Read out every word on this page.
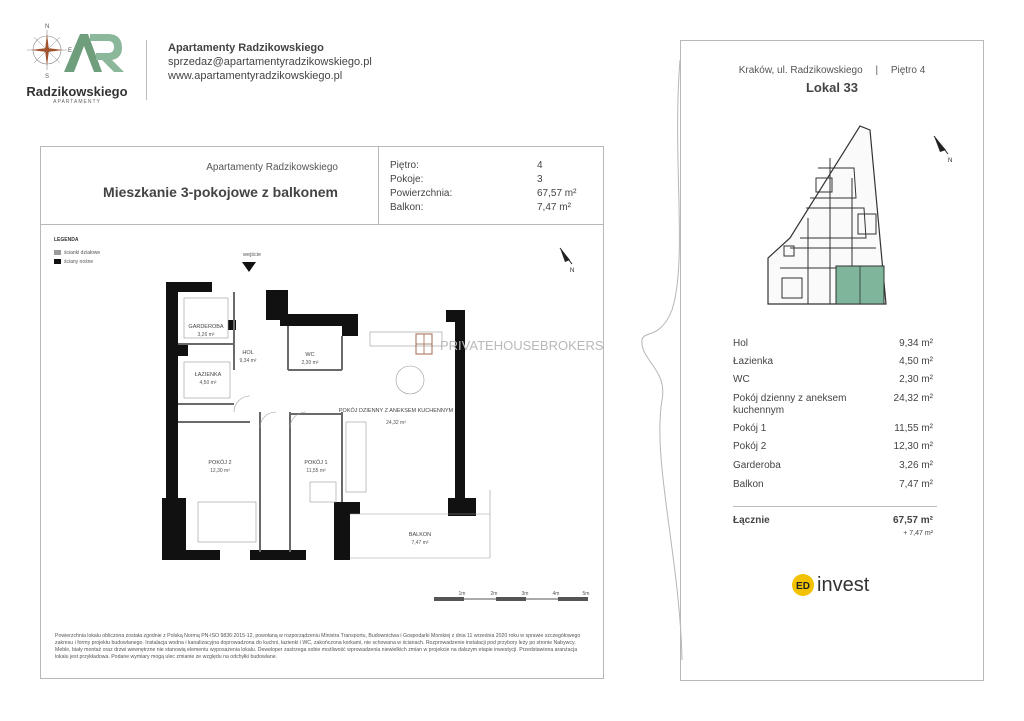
N
E
S
Radzikowskiego
APARTAMENTY
Apartamenty Radzikowskiego
sprzedaz@apartamentyradzikowskiego.pl
www.apartamentyradzikowskiego.pl
Apartamenty Radzikowskiego
Mieszkanie 3-pokojowe z balkonem
Piętro:	4
Pokoje:	3
Powierzchnia:	67,57 m²
Balkon:	7,47 m²
LEGENDA
ścianki działowe
ściany nośne
N
wejście
PRIVATEHOUSEBROKERS
GARDEROBA
3,26 m²
HOL
9,34 m²
WC
2,30 m²
ŁAZIENKA
4,50 m²
POKÓJ DZIENNY Z ANEKSEM KUCHENNYM
24,32 m²
POKÓJ 2
12,30 m²
POKÓJ 1
11,55 m²
BALKON
7,47 m²
1m	2m	3m	4m	5m
Powierzchnia lokalu obliczona została zgodnie z Polską Normą PN-ISO 9836:2015-12, powołaną w rozporządzeniu Ministra Transportu, Budownictwa i Gospodarki Morskiej z dnia 11 września 2020 roku w sprawie szczegółowego zakresu i formy projektu budowlanego. Instalacja wodna i kanalizacyjna doprowadzona do kuchni, łazienki i WC, zakończona korkami, nie schowana w ścianach. Rozprowadzenie instalacji pod przybory leży po stronie Nabywcy. Meble, biały montaż oraz drzwi wewnętrzne nie stanowią elementu wyposażenia lokalu. Deweloper zastrzega sobie możliwość wprowadzenia niewielkich zmian w projekcie na dalszym etapie inwestycji. Przedstawiona aranżacja lokalu jest przykładowa. Podane wymiary mogą ulec zmianie ze względu na odchyłki budowlane.
Kraków, ul. Radzikowskiego | Piętro 4
Lokal 33
N
Hol	9,34 m²
Łazienka	4,50 m²
WC	2,30 m²
Pokój dzienny z aneksem kuchennym
24,32 m²
Pokój 1	11,55 m²
Pokój 2	12,30 m²
Garderoba	3,26 m²
Balkon	7,47 m²
Łącznie	67,57 m²
+ 7,47 m²
ED invest
